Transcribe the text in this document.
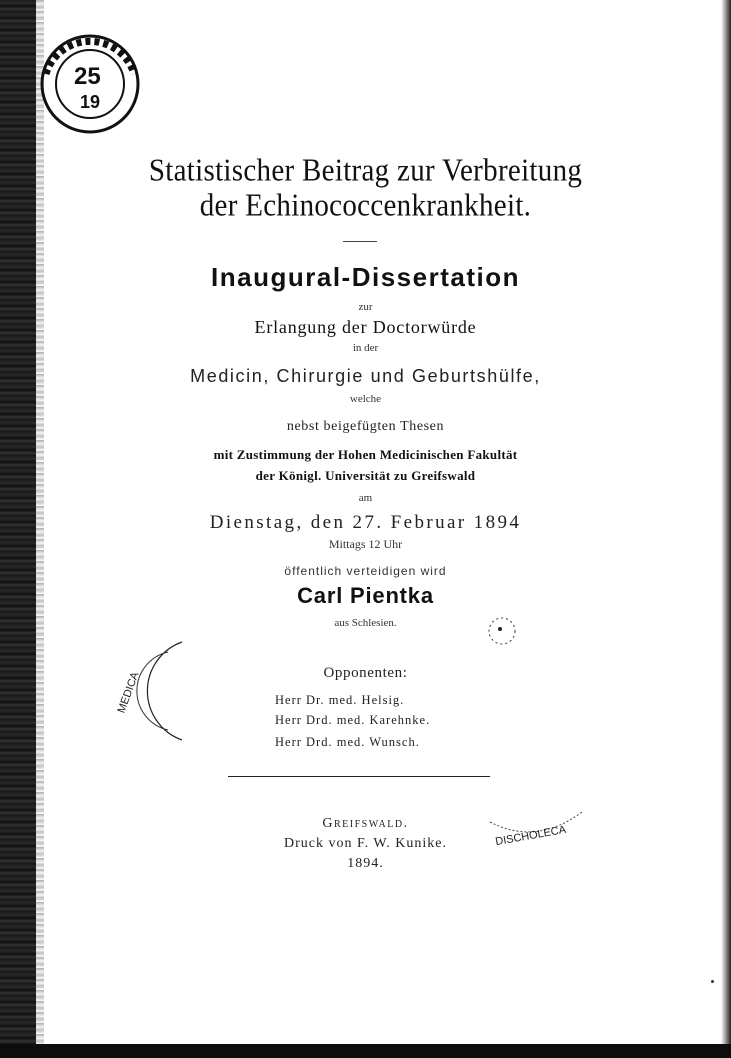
25
19
Statistischer Beitrag zur Verbreitung
der Echinococcenkrankheit.
Inaugural-Dissertation
zur
Erlangung der Doctorwürde
in der
Medicin, Chirurgie und Geburtshülfe,
welche
nebst beigefügten Thesen
mit Zustimmung der Hohen Medicinischen Fakultät
der Königl. Universität zu Greifswald
am
Dienstag, den 27. Februar 1894
Mittags 12 Uhr
öffentlich verteidigen wird
Carl Pientka
aus Schlesien.
MEDICA	Opponenten:
Herr Dr. med. Helsig.
Herr Drd. med. Karehnke.
Herr Drd. med. Wunsch.
DISCHOLECA
Greifswald.
Druck von F. W. Kunike.
1894.
